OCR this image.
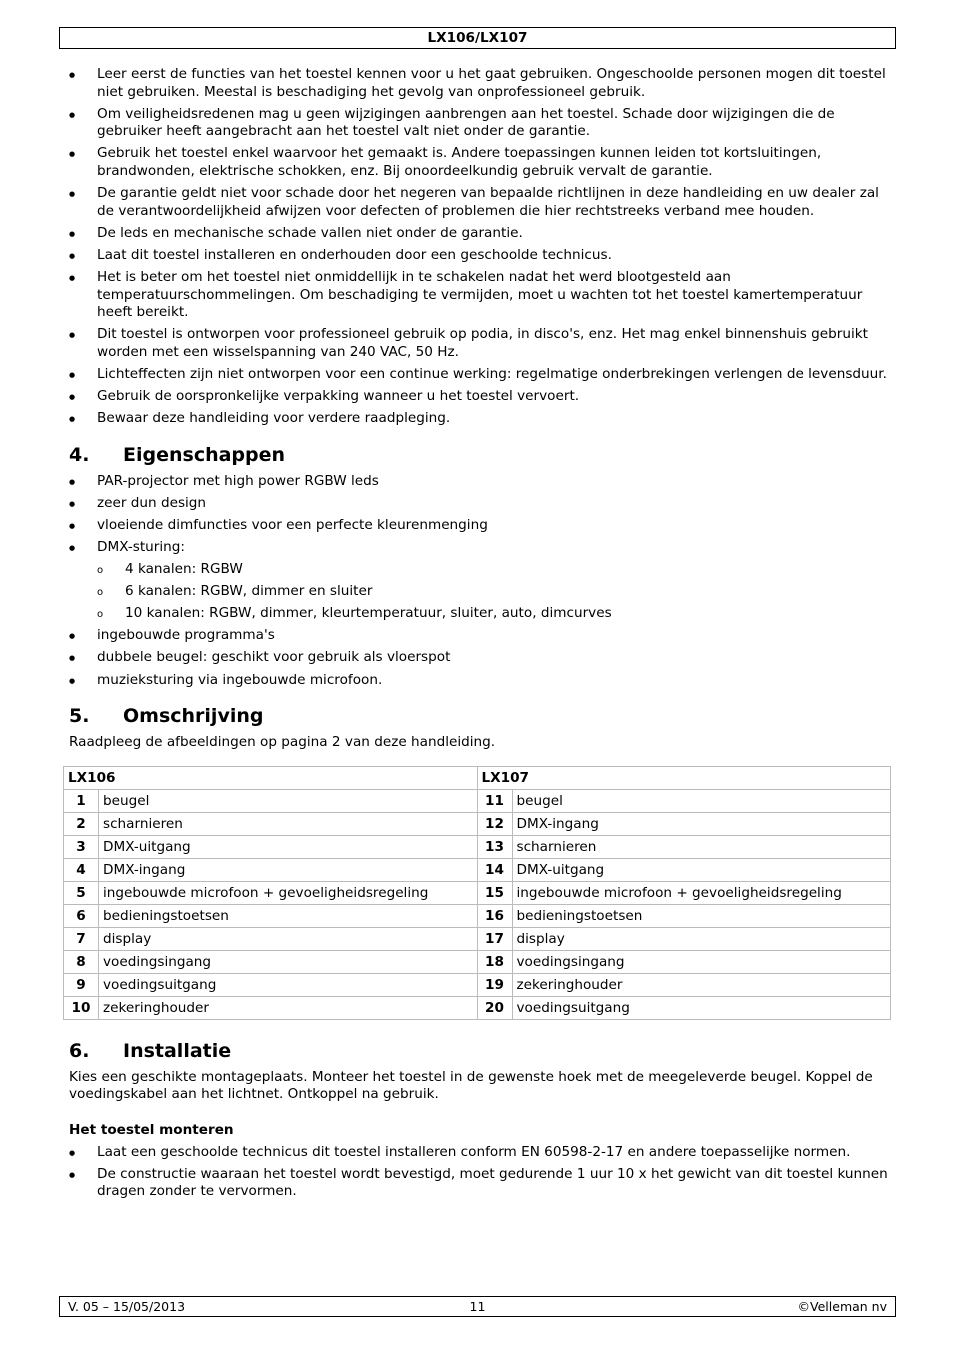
LX106/LX107
● Leer eerst de functies van het toestel kennen voor u het gaat gebruiken. Ongeschoolde personen mogen dit toestel niet gebruiken. Meestal is beschadiging het gevolg van onprofessioneel gebruik.
● Om veiligheidsredenen mag u geen wijzigingen aanbrengen aan het toestel. Schade door wijzigingen die de gebruiker heeft aangebracht aan het toestel valt niet onder de garantie.
● Gebruik het toestel enkel waarvoor het gemaakt is. Andere toepassingen kunnen leiden tot kortsluitingen, brandwonden, elektrische schokken, enz. Bij onoordeelkundig gebruik vervalt de garantie.
● De garantie geldt niet voor schade door het negeren van bepaalde richtlijnen in deze handleiding en uw dealer zal de verantwoordelijkheid afwijzen voor defecten of problemen die hier rechtstreeks verband mee houden.
● De leds en mechanische schade vallen niet onder de garantie.
● Laat dit toestel installeren en onderhouden door een geschoolde technicus.
● Het is beter om het toestel niet onmiddellijk in te schakelen nadat het werd blootgesteld aan temperatuurschommelingen. Om beschadiging te vermijden, moet u wachten tot het toestel kamertemperatuur heeft bereikt.
● Dit toestel is ontworpen voor professioneel gebruik op podia, in disco's, enz. Het mag enkel binnenshuis gebruikt worden met een wisselspanning van 240 VAC, 50 Hz.
● Lichteffecten zijn niet ontworpen voor een continue werking: regelmatige onderbrekingen verlengen de levensduur.
● Gebruik de oorspronkelijke verpakking wanneer u het toestel vervoert.
● Bewaar deze handleiding voor verdere raadpleging.
4. Eigenschappen
● PAR-projector met high power RGBW leds
● zeer dun design
● vloeiende dimfuncties voor een perfecte kleurenmenging
● DMX-sturing:
o 4 kanalen: RGBW
o 6 kanalen: RGBW, dimmer en sluiter
o 10 kanalen: RGBW, dimmer, kleurtemperatuur, sluiter, auto, dimcurves
● ingebouwde programma's
● dubbele beugel: geschikt voor gebruik als vloerspot
● muzieksturing via ingebouwde microfoon.
5. Omschrijving

Raadpleeg de afbeeldingen op pagina 2 van deze handleiding.

LX106		LX107	
1	beugel	11	beugel
2	scharnieren	12	DMX-ingang
3	DMX-uitgang	13	scharnieren
4	DMX-ingang	14	DMX-uitgang
5	ingebouwde microfoon + gevoeligheidsregeling	15	ingebouwde microfoon + gevoeligheidsregeling
6	bedieningstoetsen	16	bedieningstoetsen
7	display	17	display
8	voedingsingang	18	voedingsingang
9	voedingsuitgang	19	zekeringhouder
10	zekeringhouder	20	voedingsuitgang
6. Installatie

Kies een geschikte montageplaats. Monteer het toestel in de gewenste hoek met de meegeleverde beugel. Koppel de voedingskabel aan het lichtnet. Ontkoppel na gebruik.

Het toestel monteren
● Laat een geschoolde technicus dit toestel installeren conform EN 60598-2-17 en andere toepasselijke normen.
● De constructie waaraan het toestel wordt bevestigd, moet gedurende 1 uur 10 x het gewicht van dit toestel kunnen dragen zonder te vervormen.
V. 05 – 15/05/2013	11	©Velleman nv
